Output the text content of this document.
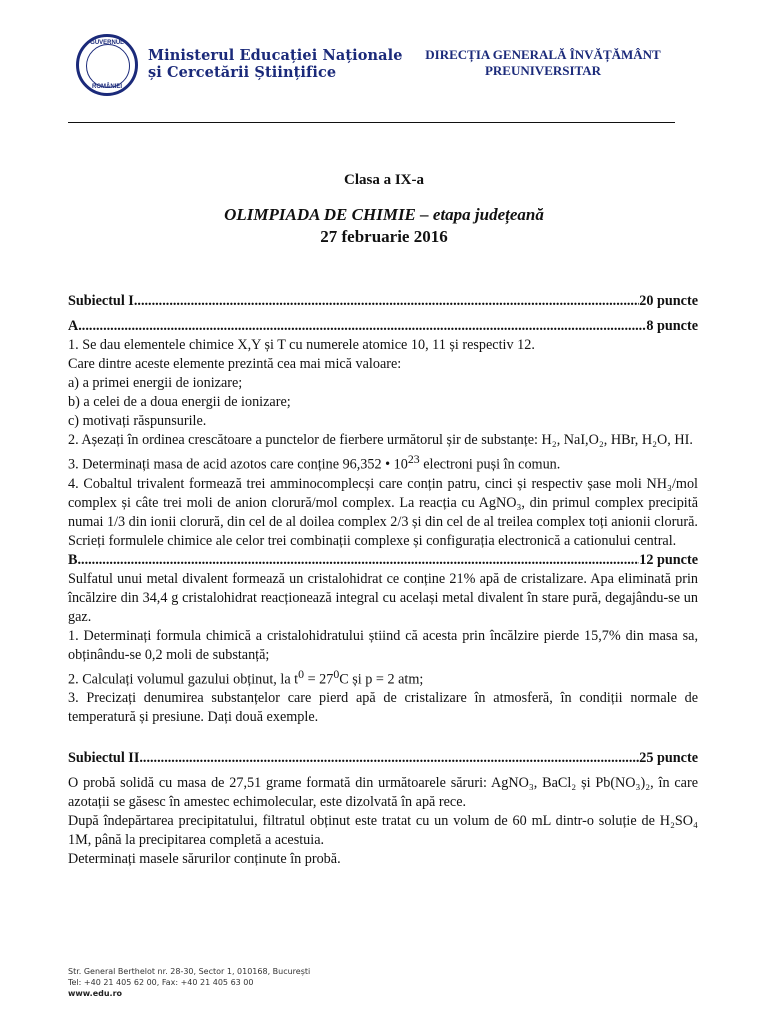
GUVERNUL
ROMÂNIEI
Ministerul Educației Naționale
și Cercetării Științifice
DIRECȚIA GENERALĂ ÎNVĂȚĂMÂNT
PREUNIVERSITAR
Clasa a IX-a
OLIMPIADA DE CHIMIE – etapa județeană
27 februarie 2016
Subiectul I .....	20 puncte
A. .....	8 puncte

1. Se dau elementele chimice X,Y și T cu numerele atomice 10, 11 și respectiv 12.

Care dintre aceste elemente prezintă cea mai mică valoare:

a) a primei energii de ionizare;

b) a celei de a doua energii de ionizare;

c) motivați răspunsurile.

2. Așezați în ordinea crescătoare a punctelor de fierbere următorul șir de substanțe: H₂, NaI,O₂, HBr, H₂O, HI.

3. Determinați masa de acid azotos care conține 96,352 • $10^{23}$ electroni puși în comun.

4. Cobaltul trivalent formează trei amminocomplecși care conțin patru, cinci și respectiv șase moli NH₃/mol complex și câte trei moli de anion clorură/mol complex. La reacția cu AgNO₃, din primul complex precipită numai 1/3 din ionii clorură, din cel de al doilea complex 2/3 și din cel de al treilea complex toți anionii clorură.

Scrieți formulele chimice ale celor trei combinații complexe și configurația electronică a cationului central.

B. .....	12 puncte

Sulfatul unui metal divalent formează un cristalohidrat ce conține 21% apă de cristalizare. Apa eliminată prin încălzire din 34,4 g cristalohidrat reacționează integral cu același metal divalent în stare pură, degajându-se un gaz.

1. Determinați formula chimică a cristalohidratului știind că acesta prin încălzire pierde 15,7% din masa sa, obținându-se 0,2 moli de substanță;

2. Calculați volumul gazului obținut, la $t^0 = 27^0C$ și p = 2 atm;

3. Precizați denumirea substanțelor care pierd apă de cristalizare în atmosferă, în condiții normale de temperatură și presiune. Dați două exemple.

Subiectul II .....	25 puncte

O probă solidă cu masa de 27,51 grame formată din următoarele săruri: AgNO₃, BaCl₂ și Pb(NO₃)₂, în care azotații se găsesc în amestec echimolecular, este dizolvată în apă rece.

După îndepărtarea precipitatului, filtratul obținut este tratat cu un volum de 60 mL dintr-o soluție de H₂SO₄ 1M, până la precipitarea completă a acestuia.

Determinați masele sărurilor conținute în probă.

Str. General Berthelot nr. 28-30, Sector 1, 010168, București
Tel: +40 21 405 62 00, Fax: +40 21 405 63 00
www.edu.ro
